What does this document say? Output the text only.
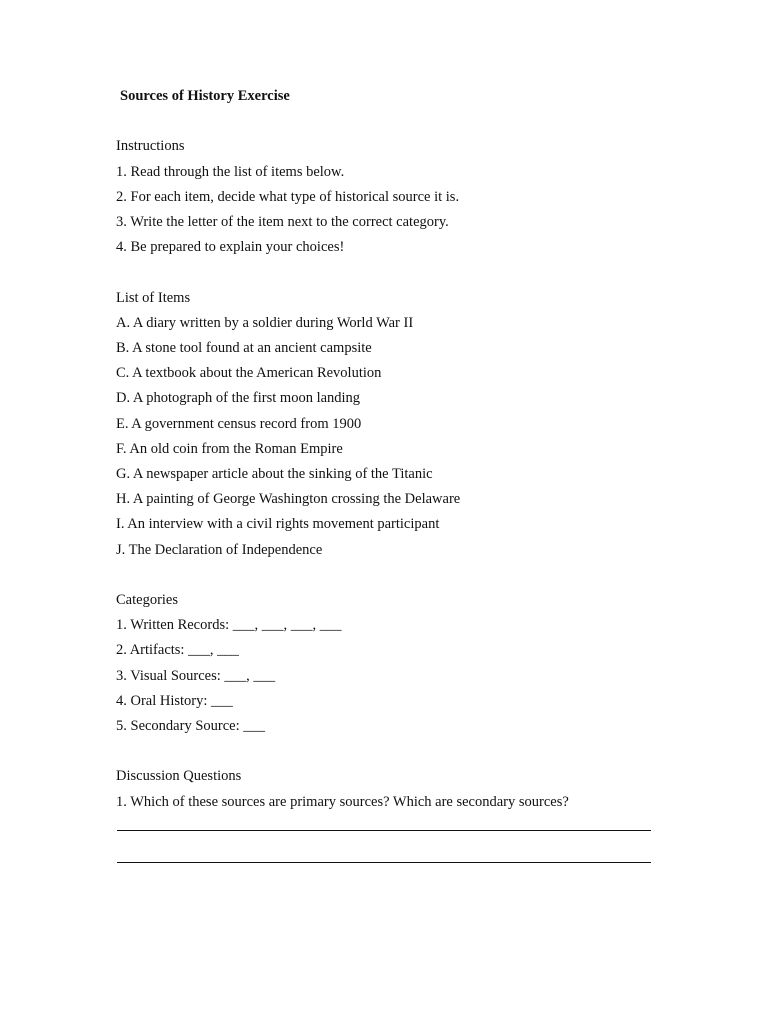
Sources of History Exercise
Instructions
1. Read through the list of items below.
2. For each item, decide what type of historical source it is.
3. Write the letter of the item next to the correct category.
4. Be prepared to explain your choices!
List of Items
A. A diary written by a soldier during World War II
B. A stone tool found at an ancient campsite
C. A textbook about the American Revolution
D. A photograph of the first moon landing
E. A government census record from 1900
F. An old coin from the Roman Empire
G. A newspaper article about the sinking of the Titanic
H. A painting of George Washington crossing the Delaware
I. An interview with a civil rights movement participant
J. The Declaration of Independence
Categories
1. Written Records: ___, ___, ___, ___
2. Artifacts: ___, ___
3. Visual Sources: ___, ___
4. Oral History: ___
5. Secondary Source: ___
Discussion Questions
1. Which of these sources are primary sources? Which are secondary sources?
